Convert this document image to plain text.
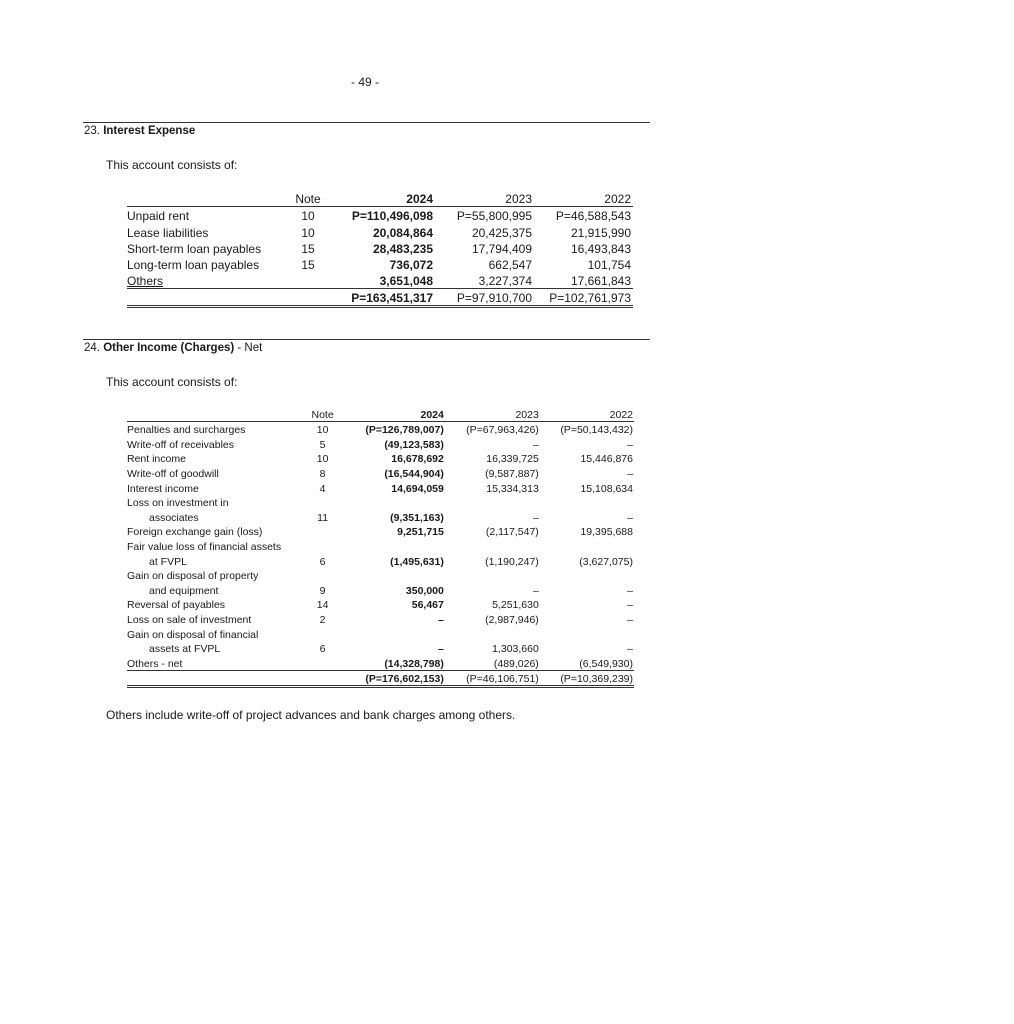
- 49 -
23. Interest Expense
This account consists of:
	Note	2024	2023	2022
Unpaid rent	10	P=110,496,098	P=55,800,995	P=46,588,543
Lease liabilities	10	20,084,864	20,425,375	21,915,990
Short-term loan payables	15	28,483,235	17,794,409	16,493,843
Long-term loan payables	15	736,072	662,547	101,754
Others		3,651,048	3,227,374	17,661,843
		P=163,451,317	P=97,910,700	P=102,761,973
24. Other Income (Charges) - Net
This account consists of:
	Note	2024	2023	2022
Penalties and surcharges	10	(P=126,789,007)	(P=67,963,426)	(P=50,143,432)
Write-off of receivables	5	(49,123,583)	–	–
Rent income	10	16,678,692	16,339,725	15,446,876
Write-off of goodwill	8	(16,544,904)	(9,587,887)	–
Interest income	4	14,694,059	15,334,313	15,108,634
Loss on investment in				
associates	11	(9,351,163)	–	–
Foreign exchange gain (loss)		9,251,715	(2,117,547)	19,395,688
Fair value loss of financial assets				
at FVPL	6	(1,495,631)	(1,190,247)	(3,627,075)
Gain on disposal of property				
and equipment	9	350,000	–	–
Reversal of payables	14	56,467	5,251,630	–
Loss on sale of investment	2	–	(2,987,946)	–
Gain on disposal of financial				
assets at FVPL	6	–	1,303,660	–
Others - net		(14,328,798)	(489,026)	(6,549,930)
		(P=176,602,153)	(P=46,106,751)	(P=10,369,239)
Others include write-off of project advances and bank charges among others.
